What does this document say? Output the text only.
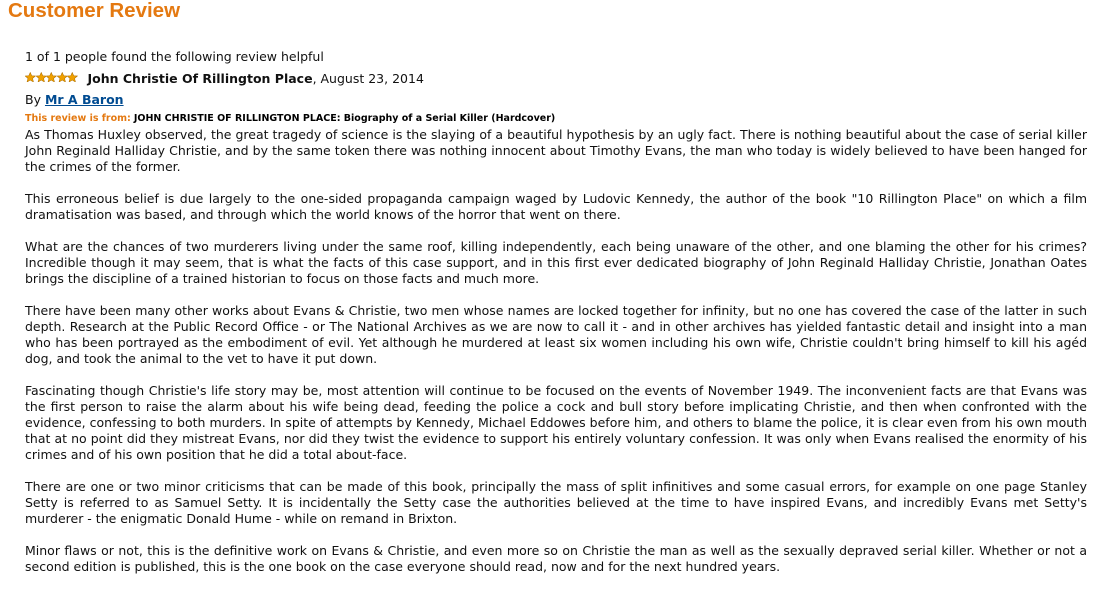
Customer Review
1 of 1 people found the following review helpful
John Christie Of Rillington Place , August 23, 2014
By Mr A Baron
This review is from: JOHN CHRISTIE OF RILLINGTON PLACE: Biography of a Serial Killer (Hardcover)

As Thomas Huxley observed, the great tragedy of science is the slaying of a beautiful hypothesis by an ugly fact. There is nothing beautiful about the case of serial killer John Reginald Halliday Christie, and by the same token there was nothing innocent about Timothy Evans, the man who today is widely believed to have been hanged for the crimes of the former.

This erroneous belief is due largely to the one-sided propaganda campaign waged by Ludovic Kennedy, the author of the book "10 Rillington Place" on which a film dramatisation was based, and through which the world knows of the horror that went on there.

What are the chances of two murderers living under the same roof, killing independently, each being unaware of the other, and one blaming the other for his crimes? Incredible though it may seem, that is what the facts of this case support, and in this first ever dedicated biography of John Reginald Halliday Christie, Jonathan Oates brings the discipline of a trained historian to focus on those facts and much more.

There have been many other works about Evans & Christie, two men whose names are locked together for infinity, but no one has covered the case of the latter in such depth. Research at the Public Record Office - or The National Archives as we are now to call it - and in other archives has yielded fantastic detail and insight into a man who has been portrayed as the embodiment of evil. Yet although he murdered at least six women including his own wife, Christie couldn't bring himself to kill his agéd dog, and took the animal to the vet to have it put down.

Fascinating though Christie's life story may be, most attention will continue to be focused on the events of November 1949. The inconvenient facts are that Evans was the first person to raise the alarm about his wife being dead, feeding the police a cock and bull story before implicating Christie, and then when confronted with the evidence, confessing to both murders. In spite of attempts by Kennedy, Michael Eddowes before him, and others to blame the police, it is clear even from his own mouth that at no point did they mistreat Evans, nor did they twist the evidence to support his entirely voluntary confession. It was only when Evans realised the enormity of his crimes and of his own position that he did a total about-face.

There are one or two minor criticisms that can be made of this book, principally the mass of split infinitives and some casual errors, for example on one page Stanley Setty is referred to as Samuel Setty. It is incidentally the Setty case the authorities believed at the time to have inspired Evans, and incredibly Evans met Setty's murderer - the enigmatic Donald Hume - while on remand in Brixton.

Minor flaws or not, this is the definitive work on Evans & Christie, and even more so on Christie the man as well as the sexually depraved serial killer. Whether or not a second edition is published, this is the one book on the case everyone should read, now and for the next hundred years.
